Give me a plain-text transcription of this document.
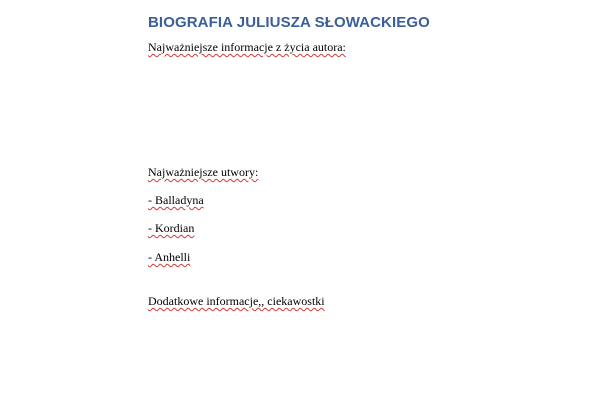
BIOGRAFIA JULIUSZA SŁOWACKIEGO
Najważniejsze informacje z życia autora:
Najważniejsze utwory:
- Balladyna
- Kordian
- Anhelli
Dodatkowe informacje,, ciekawostki
